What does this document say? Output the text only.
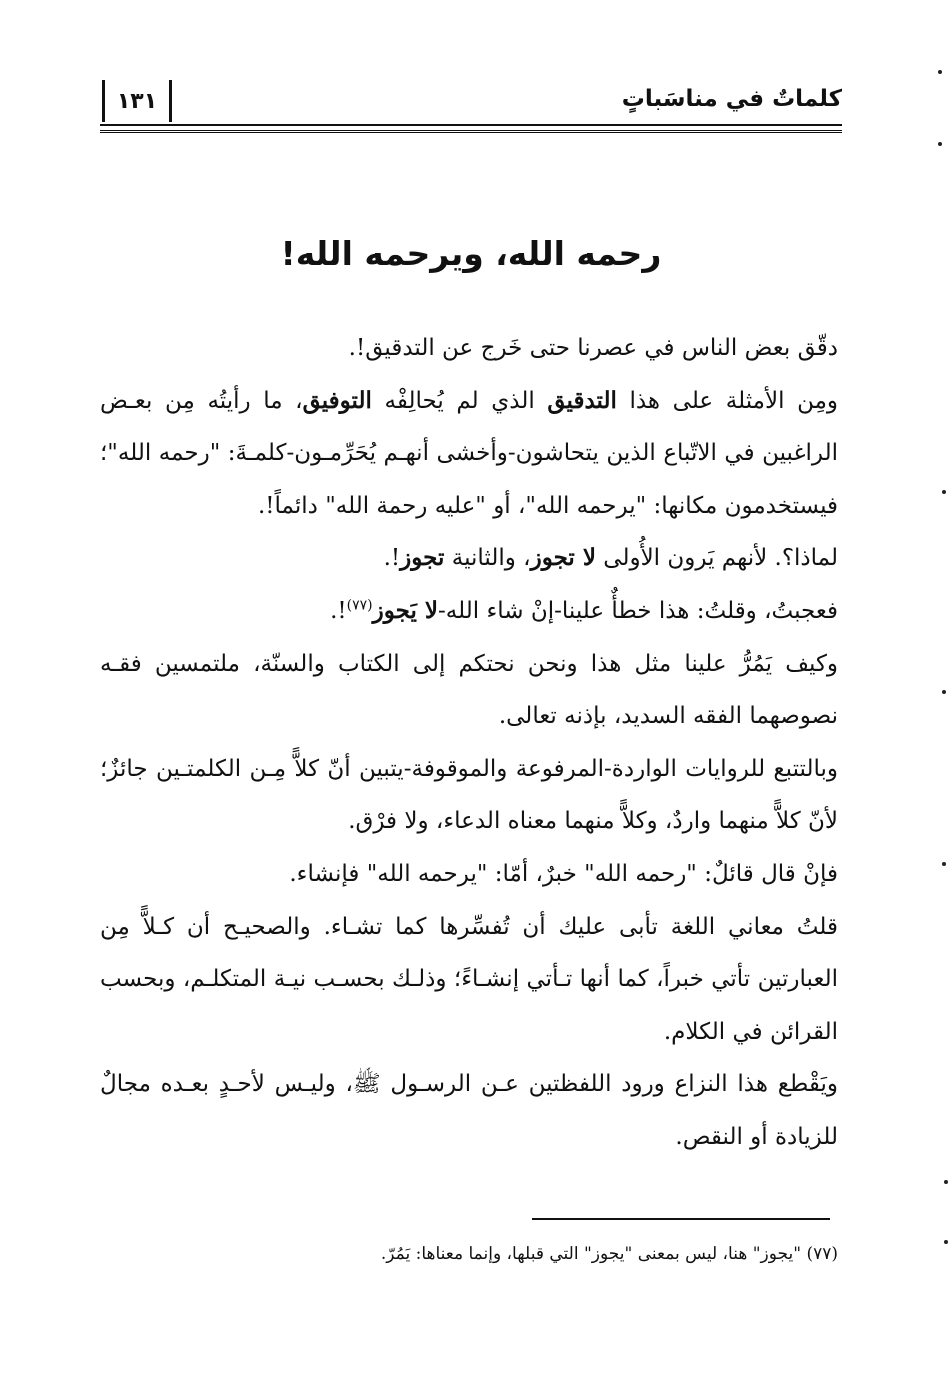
كلماتٌ في مناسَباتٍ
١٣١
رحمه الله، ويرحمه الله!

دقّق بعض الناس في عصرنا حتى خَرج عن التدقيق!.

ومِن الأمثلة على هذا التدقيق الذي لم يُحالِفْه التوفيق، ما رأيتُه مِن بعـض الراغبين في الاتّباع الذين يتحاشون-وأخشى أنهـم يُحَرِّمـون-كلمـةَ: "رحمه الله"؛ فيستخدمون مكانها: "يرحمه الله"، أو "عليه رحمة الله" دائماً!.

لماذا؟. لأنهم يَرون الأُولى لا تجوز، والثانية تجوز!.

فعجبتُ، وقلتُ: هذا خطأٌ علينا-إنْ شاء الله-لا يَجوز$^{(٧٧)}$!.

وكيف يَمُرُّ علينا مثل هذا ونحن نحتكم إلى الكتاب والسنّة، ملتمسين فقـه نصوصهما الفقه السديد، بإذنه تعالى.

وبالتتبع للروايات الواردة-المرفوعة والموقوفة-يتبين أنّ كلاًّ مِـن الكلمتـين جائزٌ؛ لأنّ كلاًّ منهما واردٌ، وكلاًّ منهما معناه الدعاء، ولا فرْق.

فإنْ قال قائلٌ: "رحمه الله" خبرٌ، أمّا: "يرحمه الله" فإنشاء.

قلتُ معاني اللغة تأبى عليك أن تُفسِّرها كما تشـاء. والصحيـح أن كـلاًّ مِن العبارتين تأتي خبراً، كما أنها تـأتي إنشـاءً؛ وذلـك بحسـب نيـة المتكلـم، وبحسب القرائن في الكلام.

ويَقْطع هذا النزاع ورود اللفظتين عـن الرسـول ﷺ، وليـس لأحـدٍ بعـده مجالٌ للزيادة أو النقص.

(٧٧) "يجوز" هنا، ليس بمعنى "يجوز" التي قبلها، وإنما معناها: يَمُرّ.
